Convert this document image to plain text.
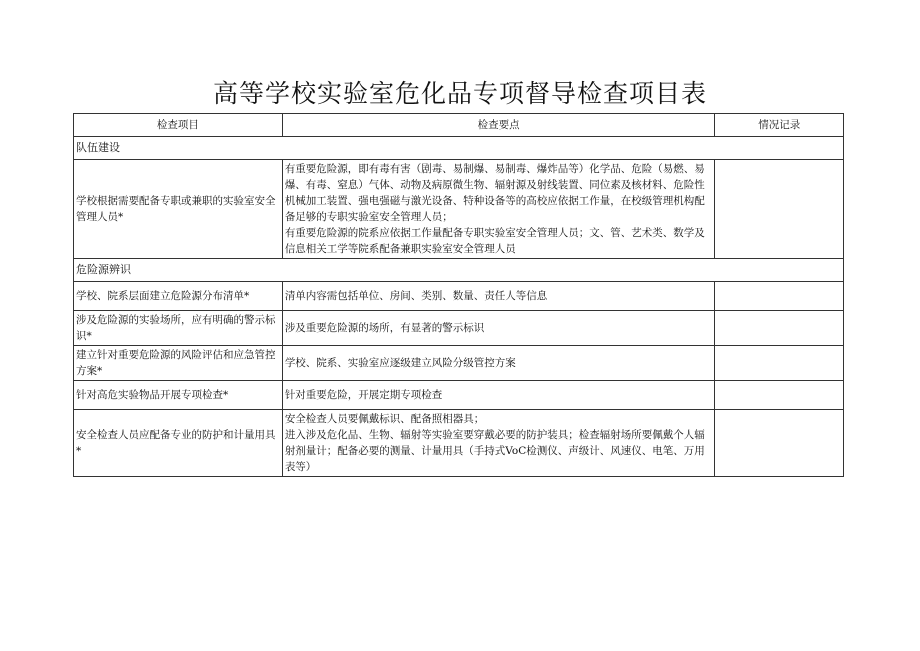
高等学校实验室危化品专项督导检查项目表
检查项目	检查要点	情况记录
队伍建设		
学校根据需要配备专职或兼职的实验室安全管理人员*	有重要危险源，即有毒有害（剧毒、易制爆、易制毒、爆炸品等）化学品、危险（易燃、易爆、有毒、窒息）气体、动物及病原微生物、辐射源及射线装置、同位素及核材料、危险性机械加工装置、强电强磁与激光设备、特种设备等的高校应依据工作量，在校级管理机构配备足够的专职实验室安全管理人员；
有重要危险源的院系应依据工作量配备专职实验室安全管理人员；文、管、艺术类、数学及信息相关工学等院系配备兼职实验室安全管理人员	

危险源辨识		
学校、院系层面建立危险源分布清单*	清单内容需包括单位、房间、类别、数量、责任人等信息	
涉及危险源的实验场所，应有明确的警示标识*	涉及重要危险源的场所，有显著的警示标识	
建立针对重要危险源的风险评估和应急管控方案*	学校、院系、实验室应逐级建立风险分级管控方案	
针对高危实验物品开展专项检查*	针对重要危险，开展定期专项检查	
安全检查人员应配备专业的防护和计量用具*	安全检查人员要佩戴标识、配备照相器具；
进入涉及危化品、生物、辐射等实验室要穿戴必要的防护装具；检查辐射场所要佩戴个人辐射剂量计；配备必要的测量、计量用具（手持式VoC检测仪、声级计、风速仪、电笔、万用表等）	
